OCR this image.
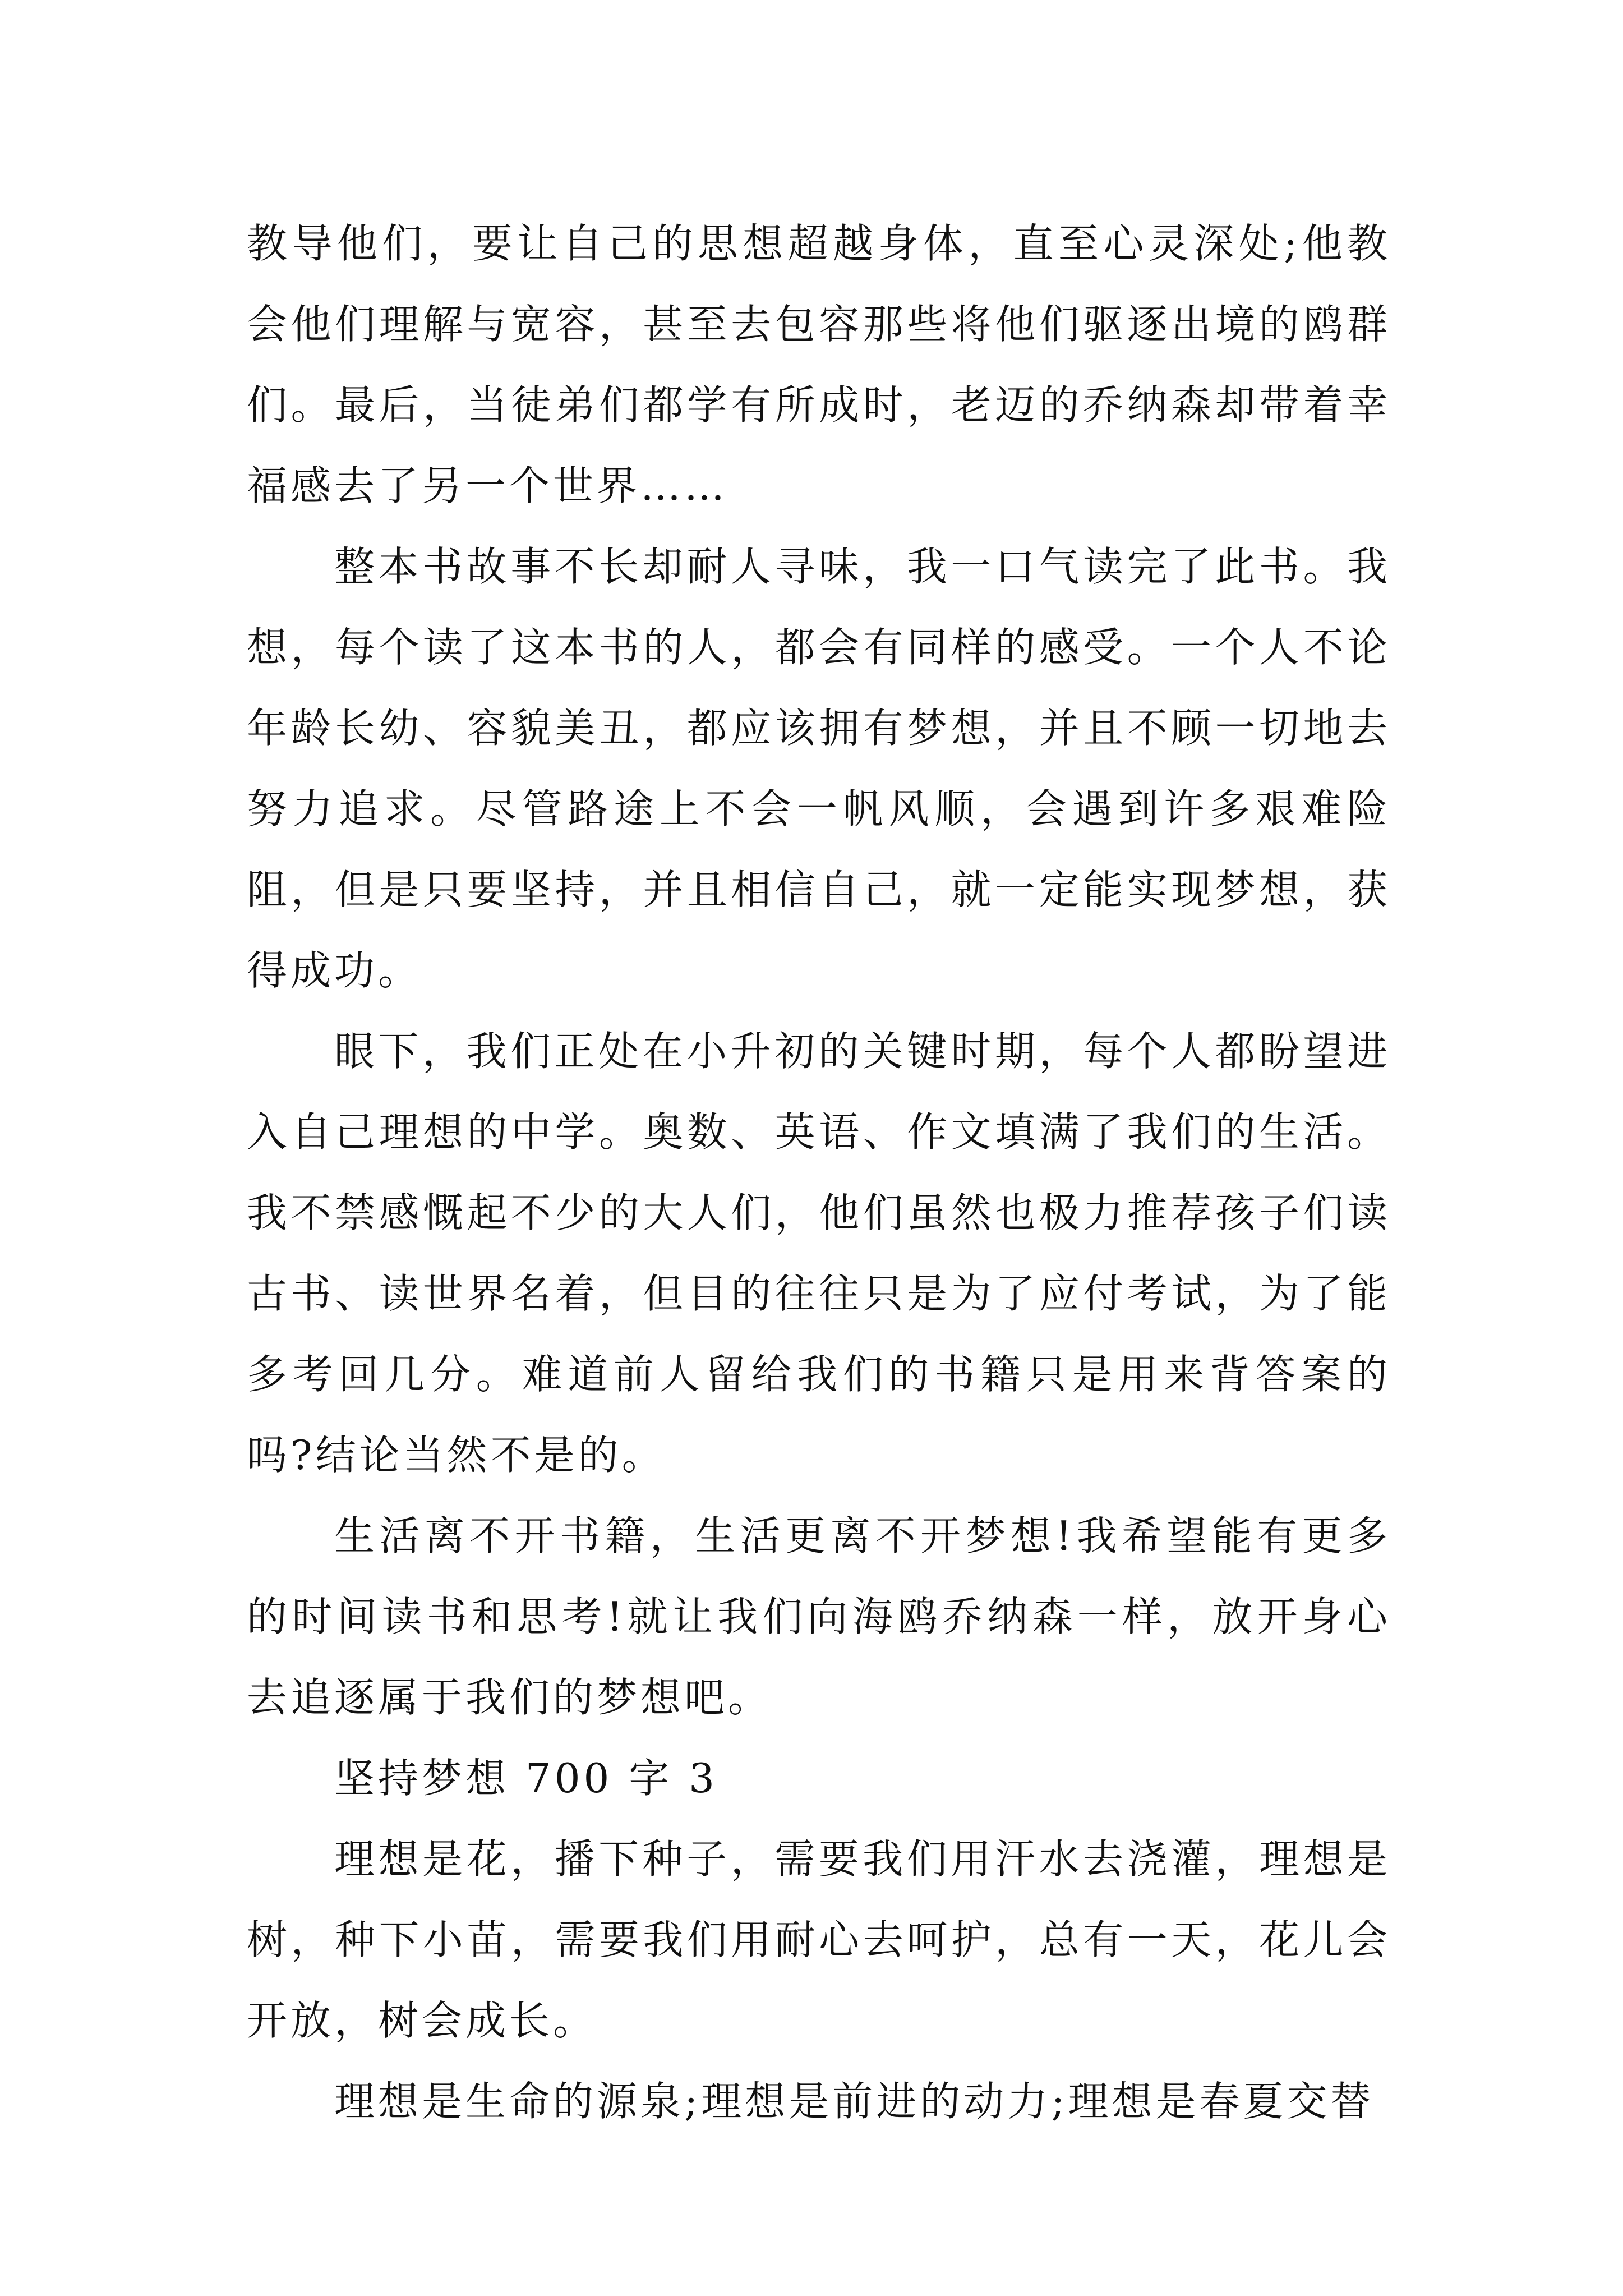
教导他们，要让自己的思想超越身体，直至心灵深处;他教会他们理解与宽容，甚至去包容那些将他们驱逐出境的鸥群们。最后，当徒弟们都学有所成时，老迈的乔纳森却带着幸福感去了另一个世界……

整本书故事不长却耐人寻味，我一口气读完了此书。我想，每个读了这本书的人，都会有同样的感受。一个人不论年龄长幼、容貌美丑，都应该拥有梦想，并且不顾一切地去努力追求。尽管路途上不会一帆风顺，会遇到许多艰难险阻，但是只要坚持，并且相信自己，就一定能实现梦想，获得成功。

眼下，我们正处在小升初的关键时期，每个人都盼望进入自己理想的中学。奥数、英语、作文填满了我们的生活。我不禁感慨起不少的大人们，他们虽然也极力推荐孩子们读古书、读世界名着，但目的往往只是为了应付考试，为了能多考回几分。难道前人留给我们的书籍只是用来背答案的吗?结论当然不是的。

生活离不开书籍，生活更离不开梦想!我希望能有更多的时间读书和思考!就让我们向海鸥乔纳森一样，放开身心去追逐属于我们的梦想吧。

坚持梦想 700 字 3

理想是花，播下种子，需要我们用汗水去浇灌，理想是树，种下小苗，需要我们用耐心去呵护，总有一天，花儿会开放，树会成长。

理想是生命的源泉;理想是前进的动力;理想是春夏交替
